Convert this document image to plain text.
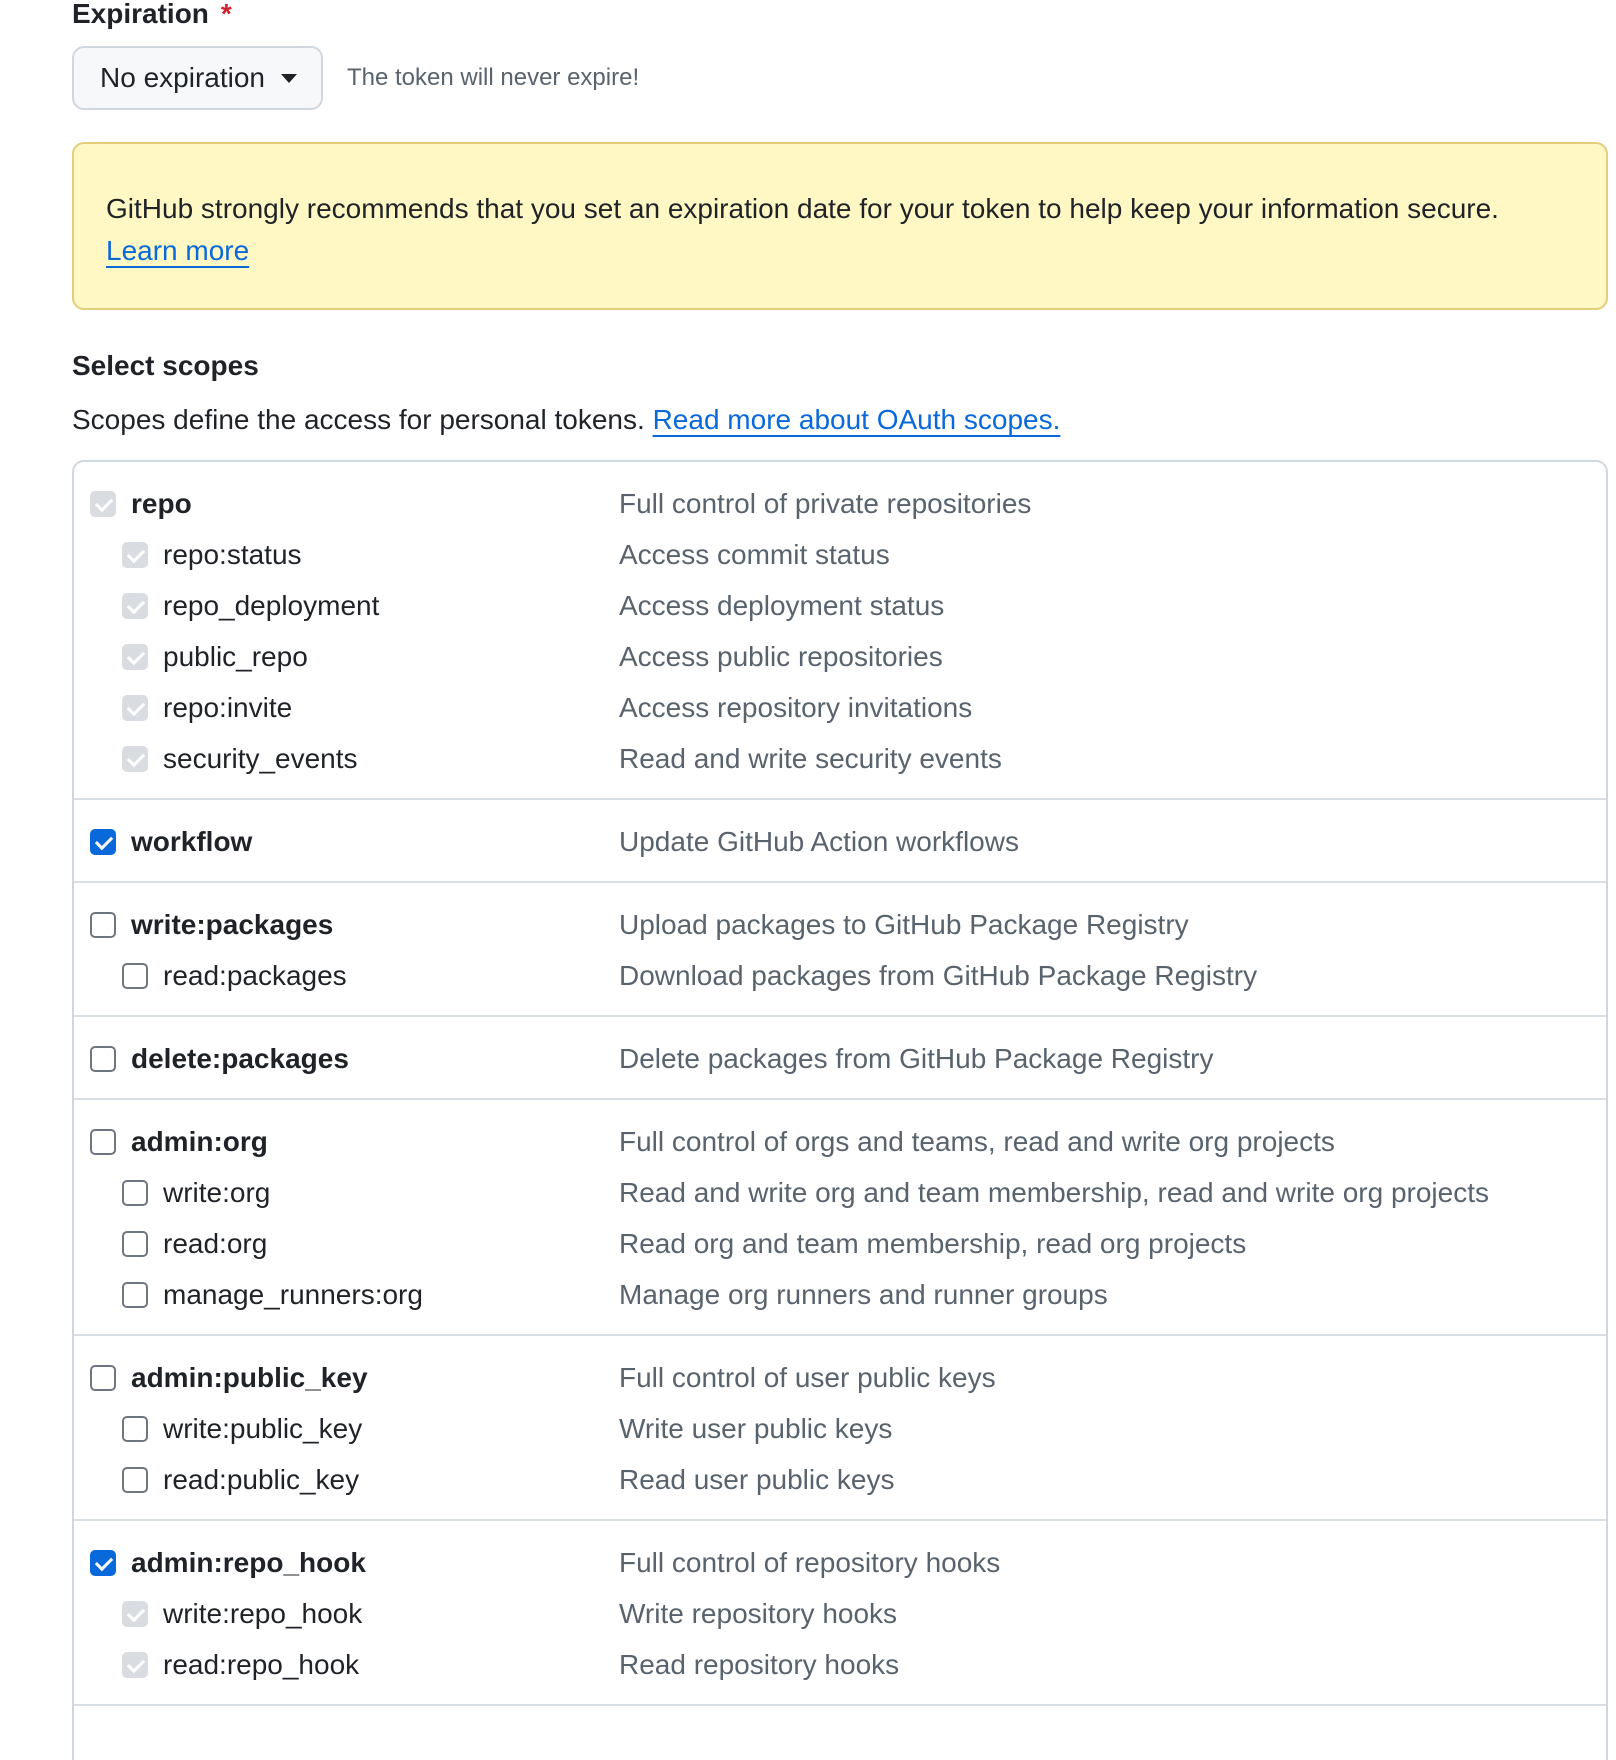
Expiration *
No expiration	The token will never expire!
GitHub strongly recommends that you set an expiration date for your token to help keep your information secure.
Learn more
Select scopes
Scopes define the access for personal tokens. Read more about OAuth scopes.
repo	Full control of private repositories
repo:status	Access commit status
repo_deployment	Access deployment status
public_repo	Access public repositories
repo:invite	Access repository invitations
security_events	Read and write security events
workflow	Update GitHub Action workflows
write:packages	Upload packages to GitHub Package Registry
read:packages	Download packages from GitHub Package Registry
delete:packages	Delete packages from GitHub Package Registry
admin:org	Full control of orgs and teams, read and write org projects
write:org	Read and write org and team membership, read and write org projects
read:org	Read org and team membership, read org projects
manage_runners:org	Manage org runners and runner groups
admin:public_key	Full control of user public keys
write:public_key	Write user public keys
read:public_key	Read user public keys
admin:repo_hook	Full control of repository hooks
write:repo_hook	Write repository hooks
read:repo_hook	Read repository hooks
